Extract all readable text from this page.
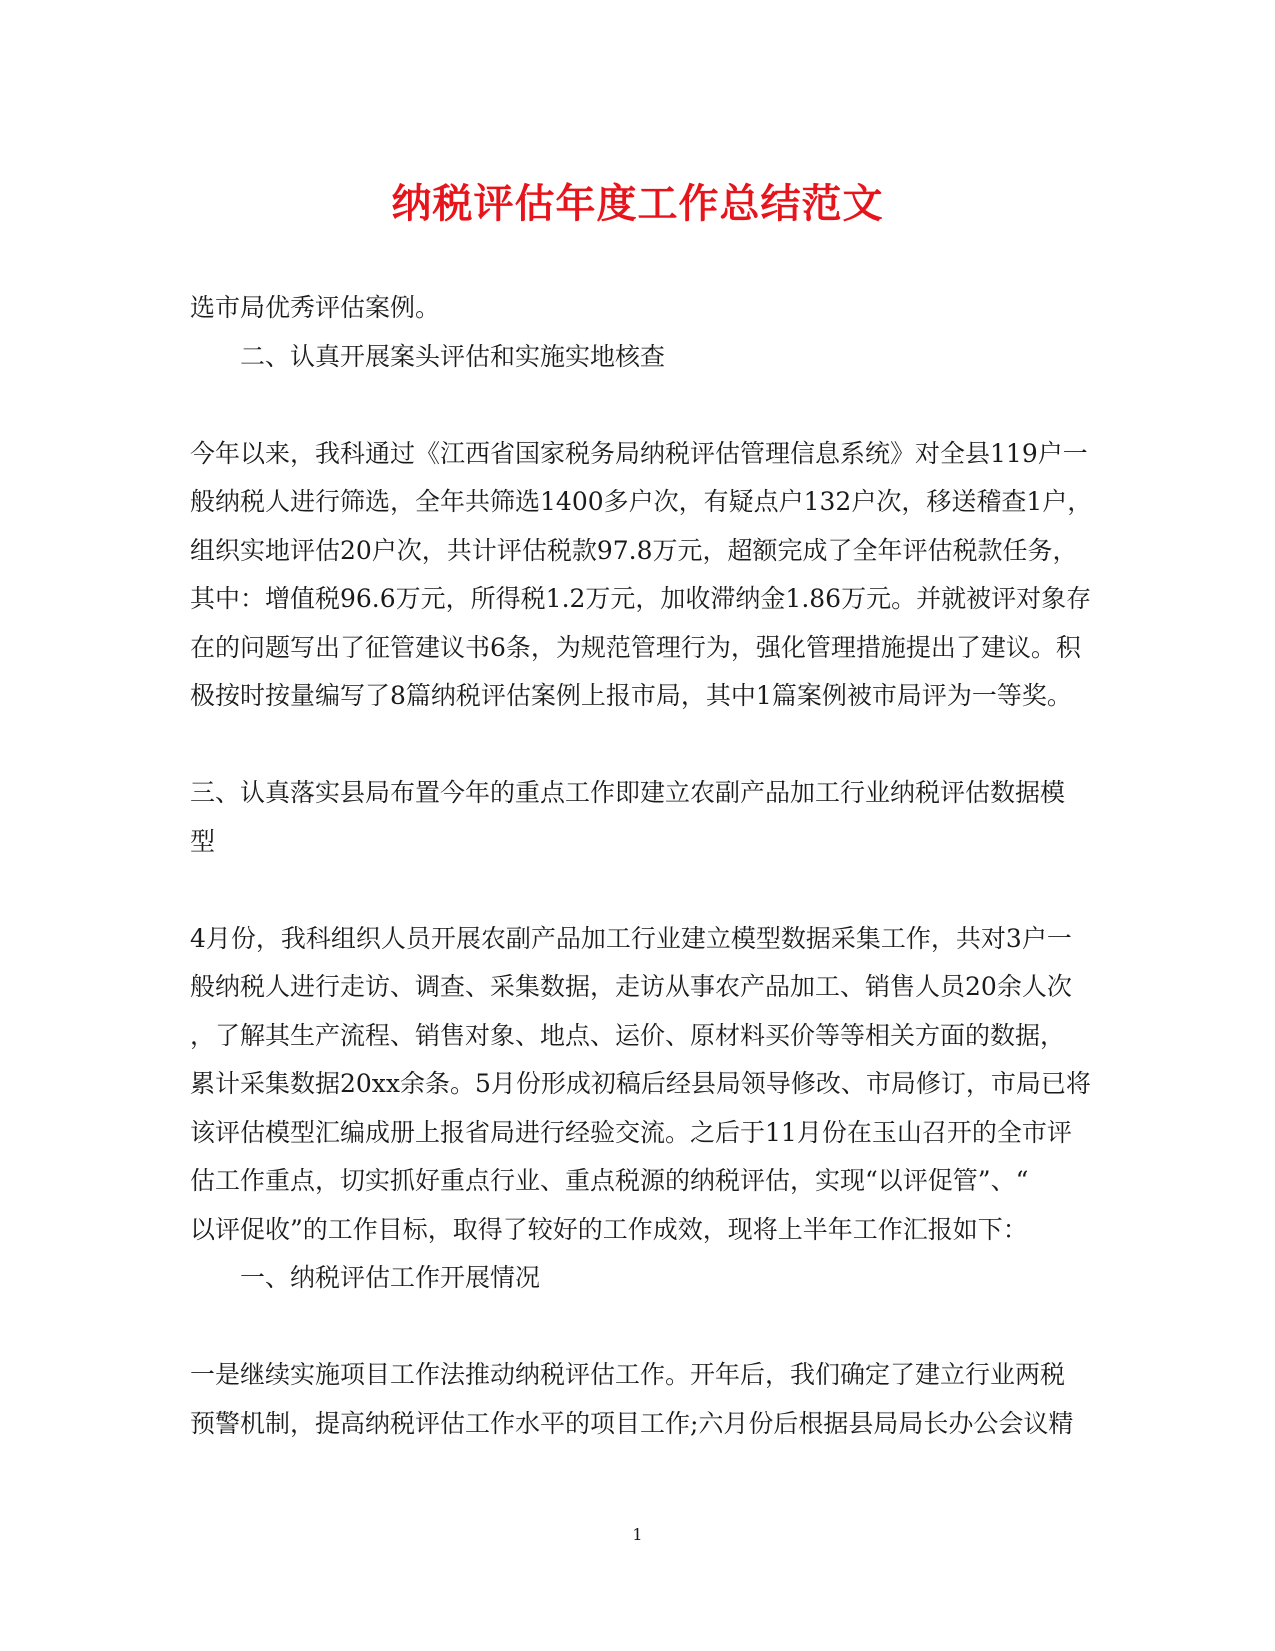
纳税评估年度工作总结范文
选市局优秀评估案例。
二、认真开展案头评估和实施实地核查
今年以来，我科通过《江西省国家税务局纳税评估管理信息系统》对全县119户一
般纳税人进行筛选，全年共筛选1400多户次，有疑点户132户次，移送稽查1户，
组织实地评估20户次，共计评估税款97.8万元，超额完成了全年评估税款任务，
其中：增值税96.6万元，所得税1.2万元，加收滞纳金1.86万元。并就被评对象存
在的问题写出了征管建议书6条，为规范管理行为，强化管理措施提出了建议。积
极按时按量编写了8篇纳税评估案例上报市局，其中1篇案例被市局评为一等奖。
三、认真落实县局布置今年的重点工作即建立农副产品加工行业纳税评估数据模
型
4月份，我科组织人员开展农副产品加工行业建立模型数据采集工作，共对3户一
般纳税人进行走访、调查、采集数据，走访从事农产品加工、销售人员20余人次
，了解其生产流程、销售对象、地点、运价、原材料买价等等相关方面的数据，
累计采集数据20xx余条。5月份形成初稿后经县局领导修改、市局修订，市局已将
该评估模型汇编成册上报省局进行经验交流。之后于11月份在玉山召开的全市评
估工作重点，切实抓好重点行业、重点税源的纳税评估，实现“以评促管”、“
以评促收”的工作目标，取得了较好的工作成效，现将上半年工作汇报如下：
一、纳税评估工作开展情况
一是继续实施项目工作法推动纳税评估工作。开年后，我们确定了建立行业两税
预警机制，提高纳税评估工作水平的项目工作;六月份后根据县局局长办公会议精
1
